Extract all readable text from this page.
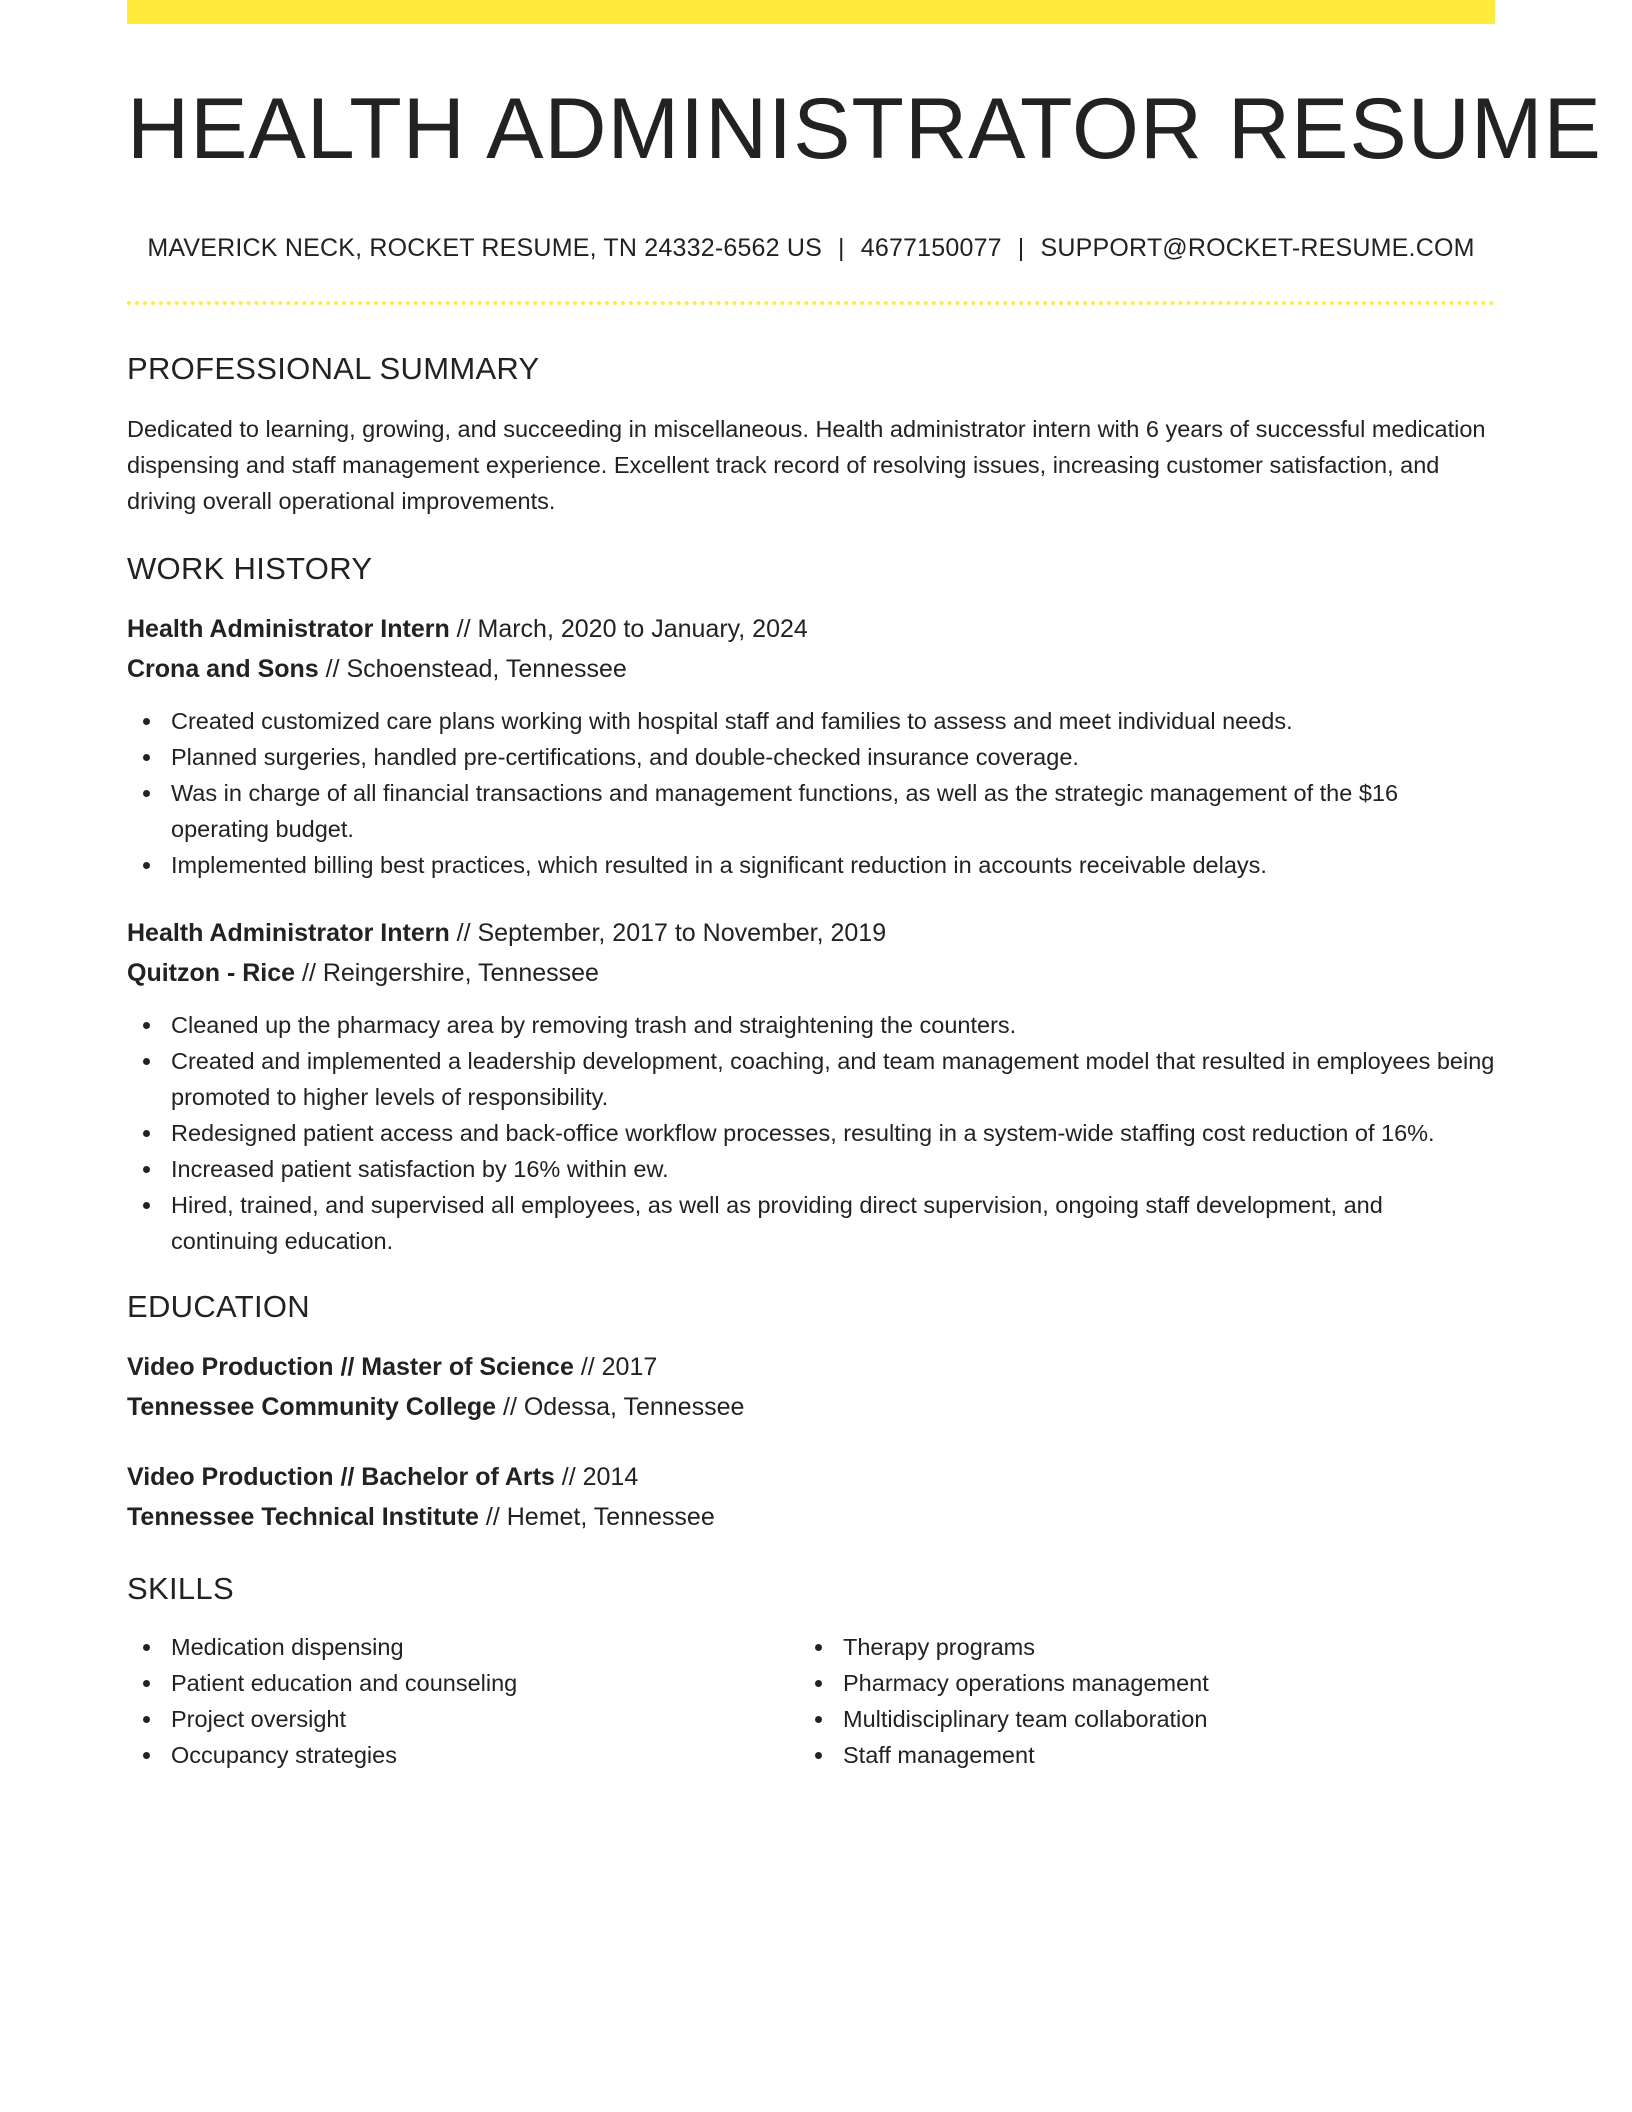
HEALTH ADMINISTRATOR RESUME
MAVERICK NECK, ROCKET RESUME, TN 24332-6562 US | 4677150077 | SUPPORT@ROCKET-RESUME.COM
PROFESSIONAL SUMMARY

Dedicated to learning, growing, and succeeding in miscellaneous. Health administrator intern with 6 years of successful medication dispensing and staff management experience. Excellent track record of resolving issues, increasing customer satisfaction, and driving overall operational improvements.

WORK HISTORY
Health Administrator Intern // March, 2020 to January, 2024
Crona and Sons // Schoenstead, Tennessee
Created customized care plans working with hospital staff and families to assess and meet individual needs.
Planned surgeries, handled pre-certifications, and double-checked insurance coverage.
Was in charge of all financial transactions and management functions, as well as the strategic management of the $16 operating budget.
Implemented billing best practices, which resulted in a significant reduction in accounts receivable delays.
Health Administrator Intern // September, 2017 to November, 2019
Quitzon - Rice // Reingershire, Tennessee
Cleaned up the pharmacy area by removing trash and straightening the counters.
Created and implemented a leadership development, coaching, and team management model that resulted in employees being promoted to higher levels of responsibility.
Redesigned patient access and back-office workflow processes, resulting in a system-wide staffing cost reduction of 16%.
Increased patient satisfaction by 16% within ew.
Hired, trained, and supervised all employees, as well as providing direct supervision, ongoing staff development, and continuing education.
EDUCATION
Video Production // Master of Science // 2017
Tennessee Community College // Odessa, Tennessee
Video Production // Bachelor of Arts // 2014
Tennessee Technical Institute // Hemet, Tennessee
SKILLS
Medication dispensing
Patient education and counseling
Project oversight
Occupancy strategies
Therapy programs
Pharmacy operations management
Multidisciplinary team collaboration
Staff management
